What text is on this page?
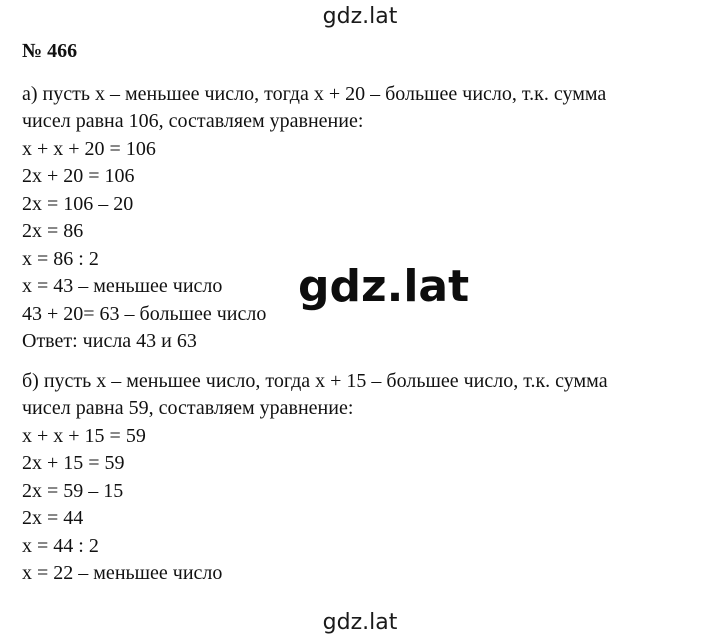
gdz.lat
№ 466

а) пусть х – меньшее число, тогда х + 20 – большее число, т.к. сумма

чисел равна 106, составляем уравнение:

х + х + 20 = 106

2х + 20 = 106

2х = 106 – 20

2х = 86

х = 86 : 2

х = 43 – меньшее число

43 + 20= 63 – большее число

Ответ: числа 43 и 63

б) пусть х – меньшее число, тогда х + 15 – большее число, т.к. сумма

чисел равна 59, составляем уравнение:

х + х + 15 = 59

2х + 15 = 59

2х = 59 – 15

2х = 44

х = 44 : 2

х = 22 – меньшее число

gdz.lat
gdz.lat
